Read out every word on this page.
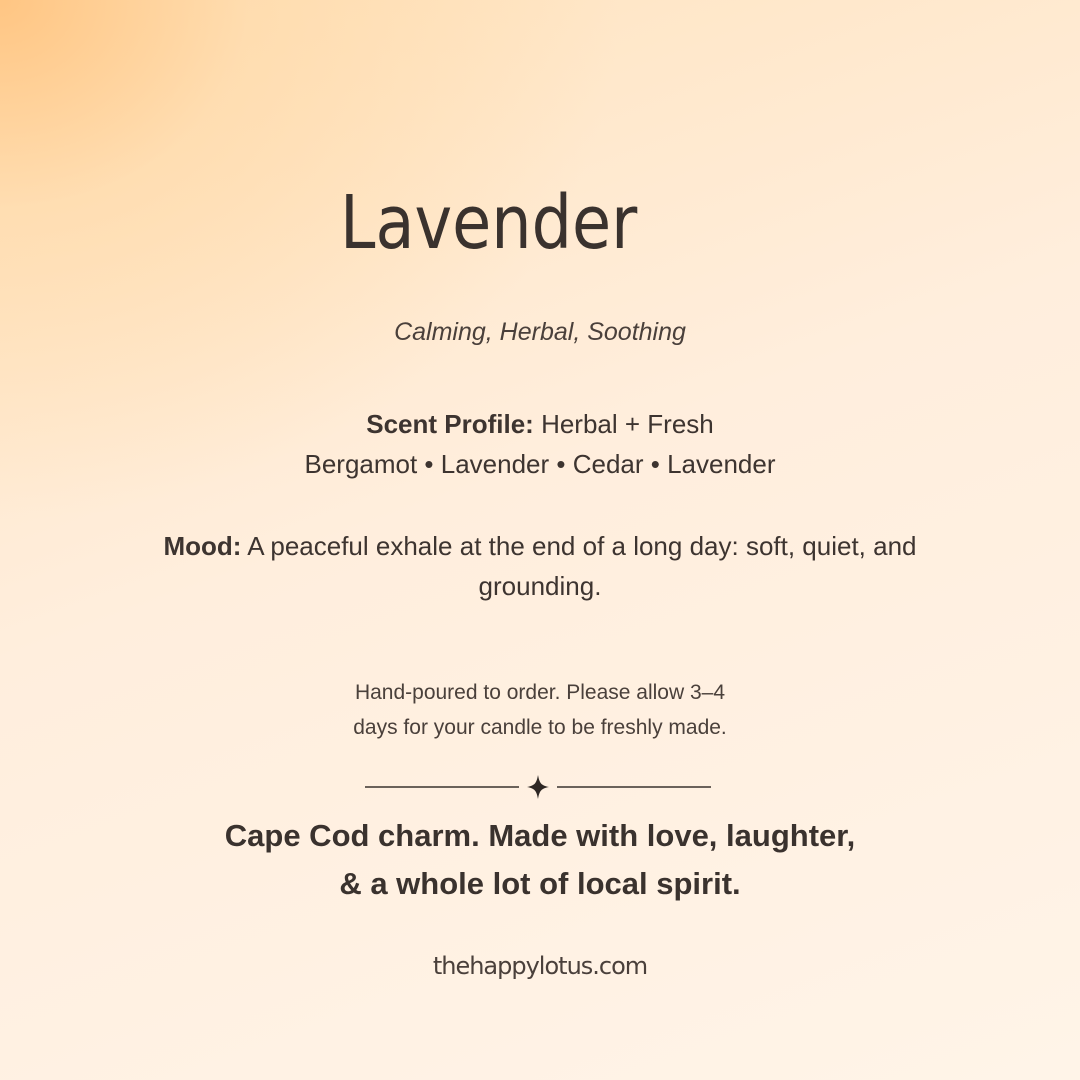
Lavender
Calming, Herbal, Soothing
Scent Profile: Herbal + Fresh
Bergamot • Lavender • Cedar • Lavender
Mood: A peaceful exhale at the end of a long day: soft, quiet, and grounding.
Hand-poured to order. Please allow 3–4
days for your candle to be freshly made.
Cape Cod charm. Made with love, laughter,
& a whole lot of local spirit.
thehappylotus.com
